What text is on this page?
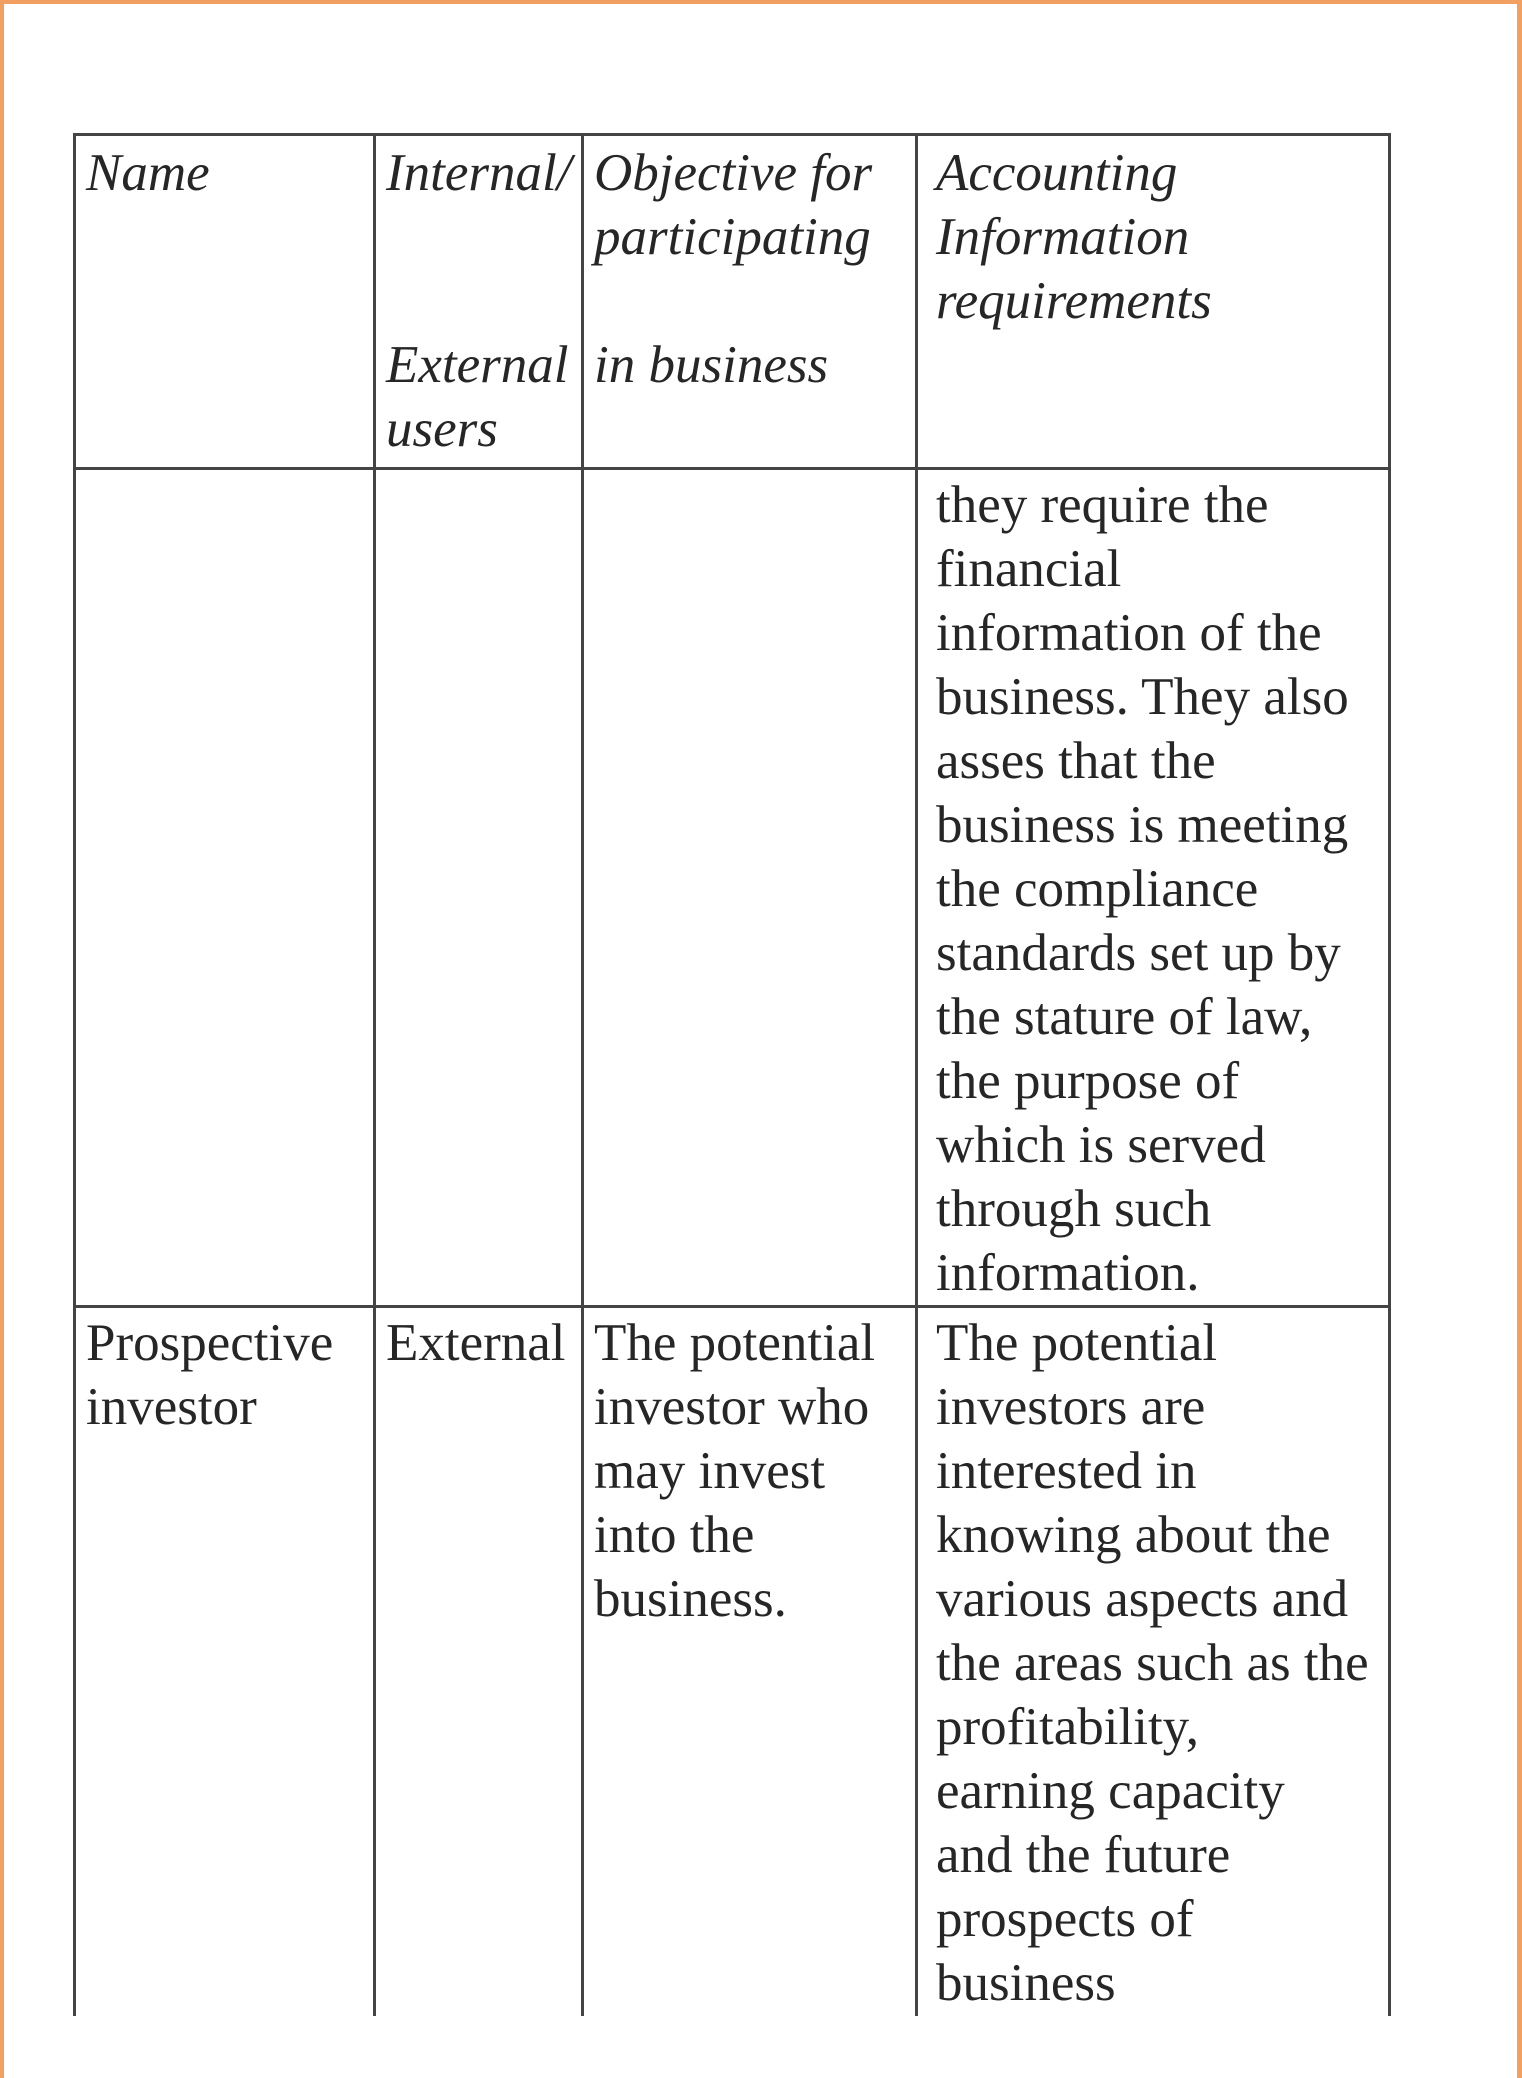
Name	Internal/
External
users
Objective for
participating
in business
Accounting
Information
requirements
they require the
financial
information of the
business. They also
asses that the
business is meeting
the compliance
standards set up by
the stature of law,
the purpose of
which is served
through such
information.
Prospective
investor
External The potential
investor who
may invest
into the
business.
The potential
investors are
interested in
knowing about the
various aspects and
the areas such as the
profitability,
earning capacity
and the future
prospects of
business
